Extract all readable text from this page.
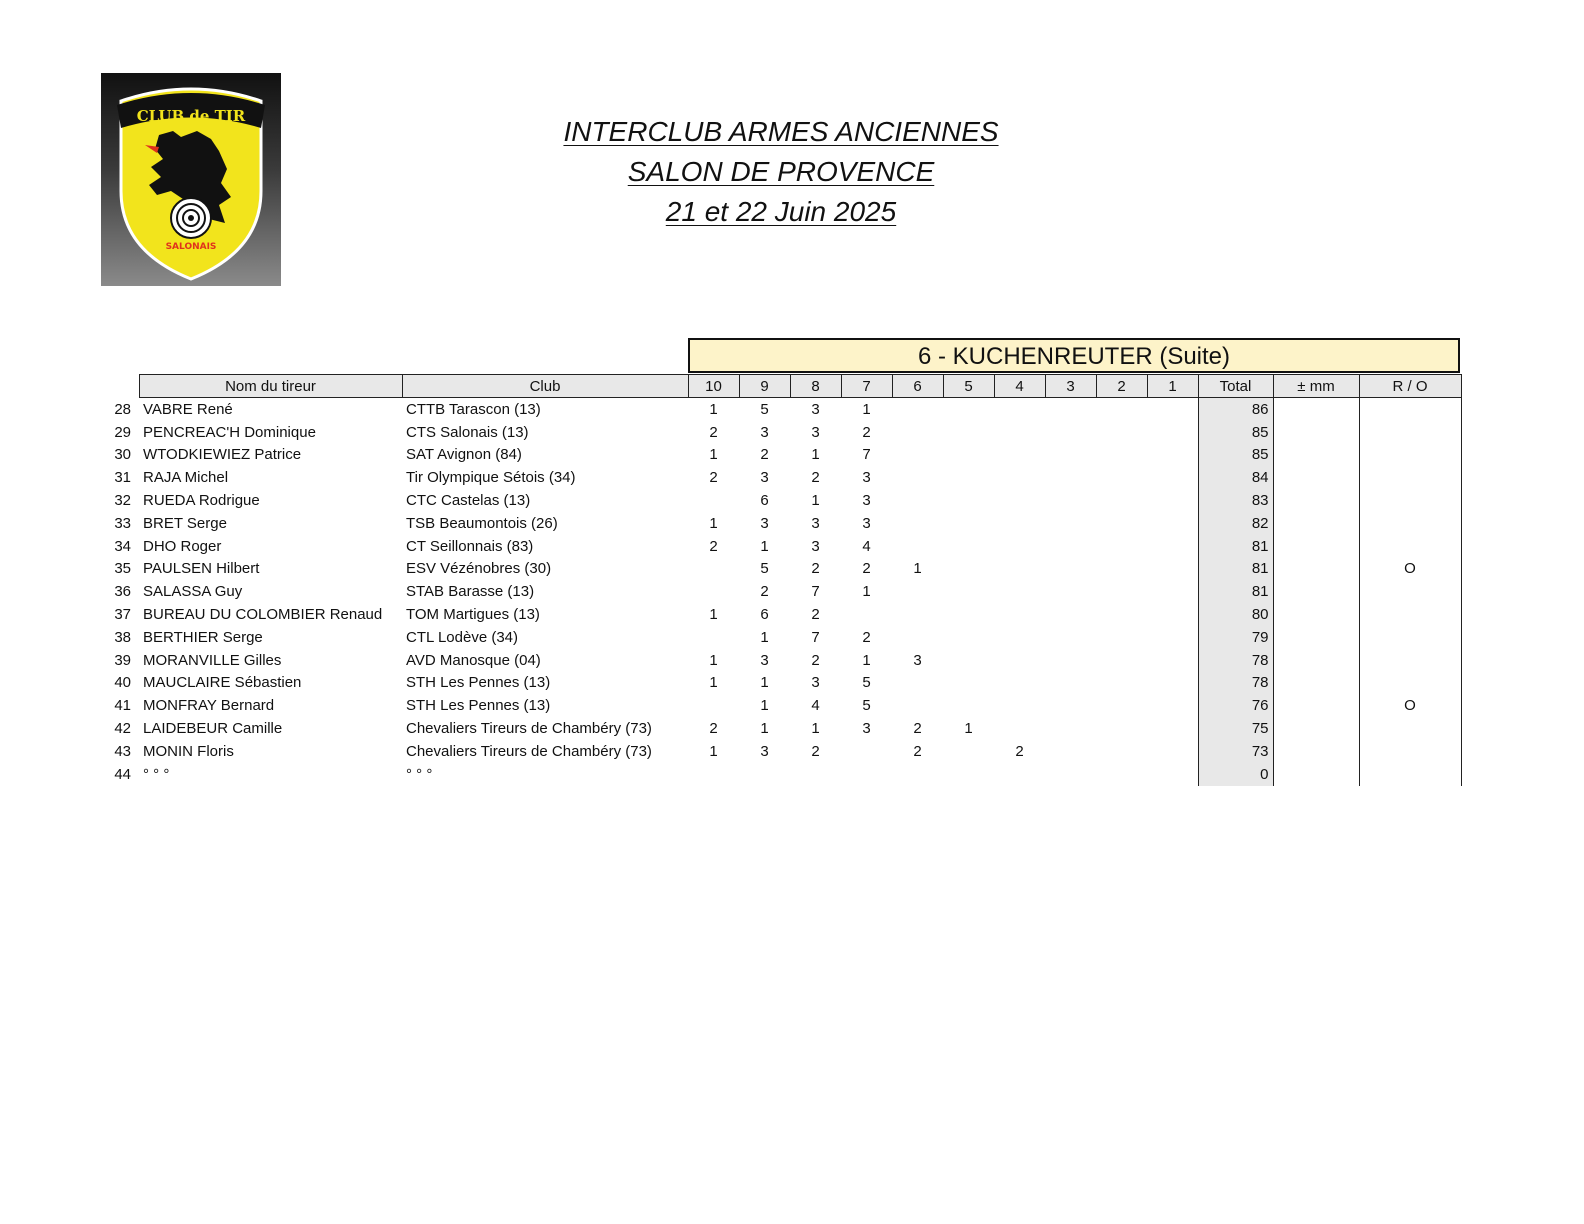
CLUB de TIR
SALONAIS
INTERCLUB ARMES ANCIENNES
SALON DE PROVENCE
21 et 22 Juin 2025
6 - KUCHENREUTER (Suite)
	Nom du tireur	Club	10	9	8	7	6	5	4	3	2	1	Total	± mm	R / O
28	VABRE René	CTTB Tarascon (13)	1	5	3	1							86		
29	PENCREAC'H Dominique	CTS Salonais (13)	2	3	3	2							85		
30	WTODKIEWIEZ Patrice	SAT Avignon (84)	1	2	1	7							85		
31	RAJA Michel	Tir Olympique Sétois (34)	2	3	2	3							84		
32	RUEDA Rodrigue	CTC Castelas (13)		6	1	3							83		
33	BRET Serge	TSB Beaumontois (26)	1	3	3	3							82		
34	DHO Roger	CT Seillonnais (83)	2	1	3	4							81		
35	PAULSEN Hilbert	ESV Vézénobres (30)		5	2	2	1						81		O
36	SALASSA Guy	STAB Barasse (13)		2	7	1							81		
37	BUREAU DU COLOMBIER Renaud	TOM Martigues (13)	1	6	2								80		
38	BERTHIER Serge	CTL Lodève (34)		1	7	2							79		
39	MORANVILLE Gilles	AVD Manosque (04)	1	3	2	1	3						78		
40	MAUCLAIRE Sébastien	STH Les Pennes (13)	1	1	3	5							78		
41	MONFRAY Bernard	STH Les Pennes (13)		1	4	5							76		O
42	LAIDEBEUR Camille	Chevaliers Tireurs de Chambéry (73)	2	1	1	3	2	1					75		
43	MONIN Floris	Chevaliers Tireurs de Chambéry (73)	1	3	2		2		2				73		
44	° ° °	° ° °											0		
